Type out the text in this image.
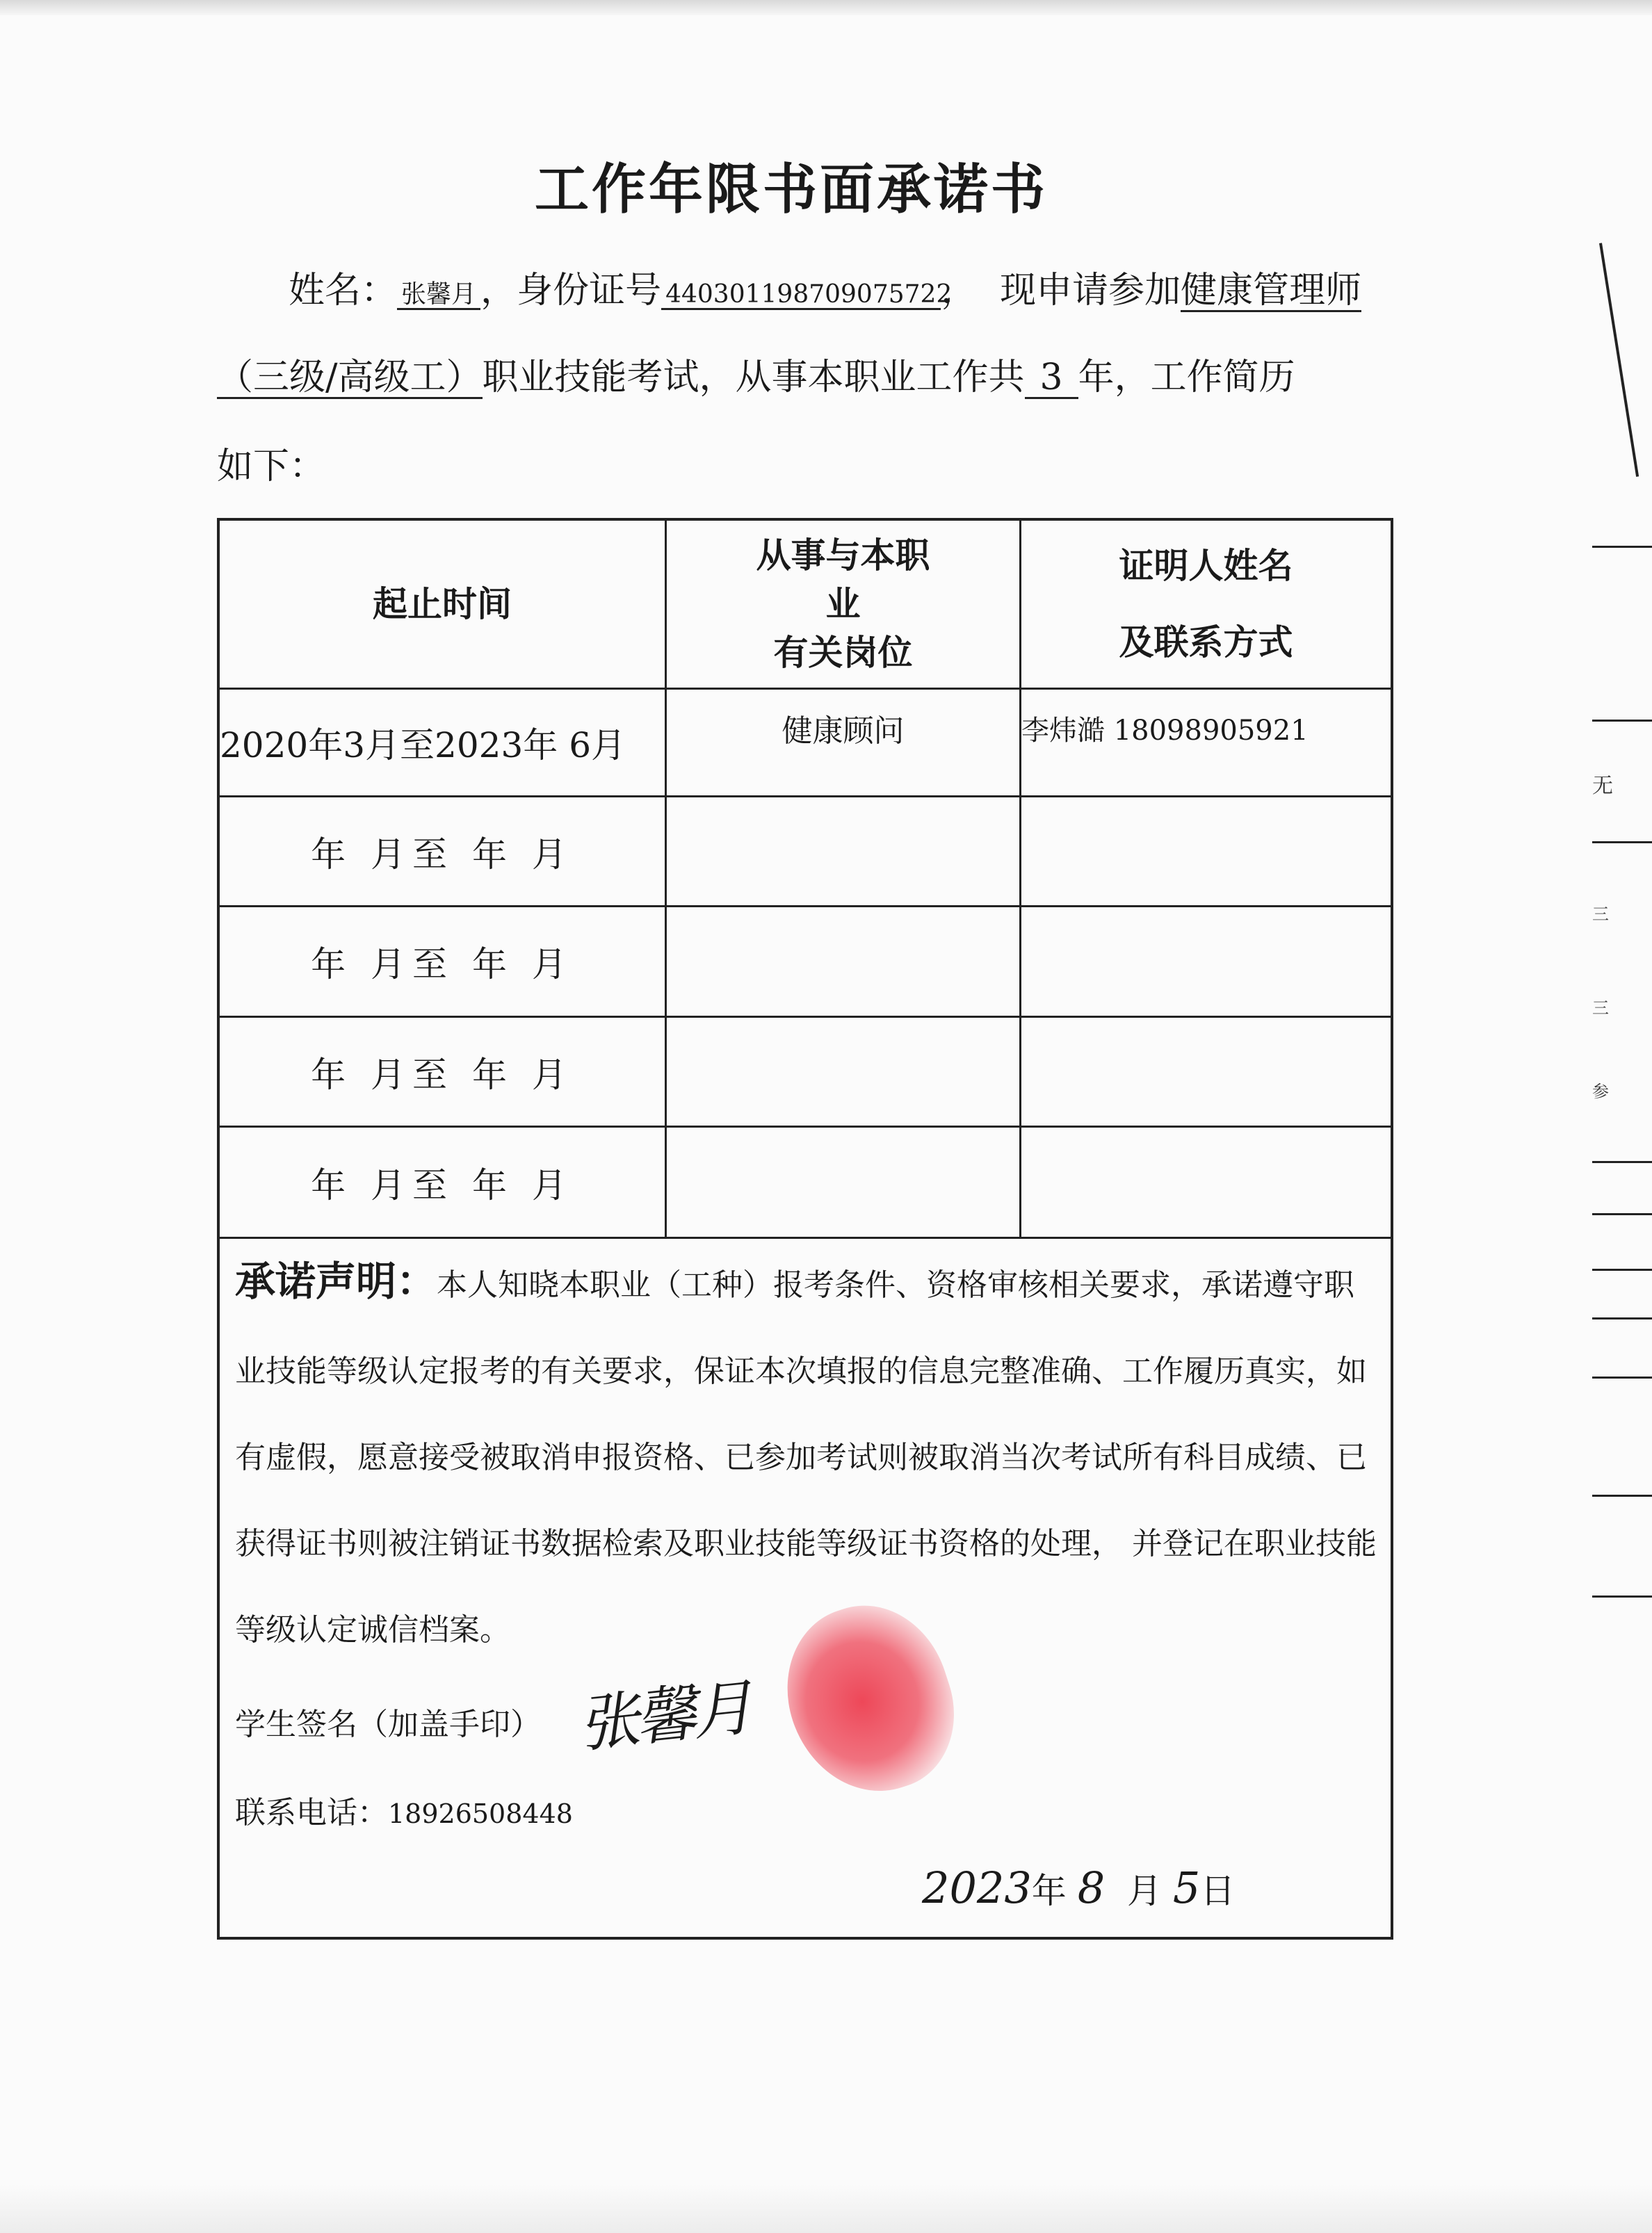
无
三
三
参
工作年限书面承诺书
姓名： 张馨月 ，身份证号 440301198709075722，  现申请参加健康管理师
（三级/高级工）职业技能考试，从事本职业工作共 3 年，工作简历
如下：
起止时间
从事与本职
业
有关岗位
证明人姓名
及联系方式
2020年3月至2023年 6月	健康顾问	李炜澔 18098905921
年 月至 年 月
年 月至 年 月
年 月至 年 月
年 月至 年 月
承诺声明：本人知晓本职业（工种）报考条件、资格审核相关要求，承诺遵守职业技能等级认定报考的有关要求，保证本次填报的信息完整准确、工作履历真实，如有虚假，愿意接受被取消申报资格、已参加考试则被取消当次考试所有科目成绩、已获得证书则被注销证书数据检索及职业技能等级证书资格的处理， 并登记在职业技能等级认定诚信档案。
学生签名（加盖手印） 张馨月
联系电话：18926508448
2023年 8 月 5日
